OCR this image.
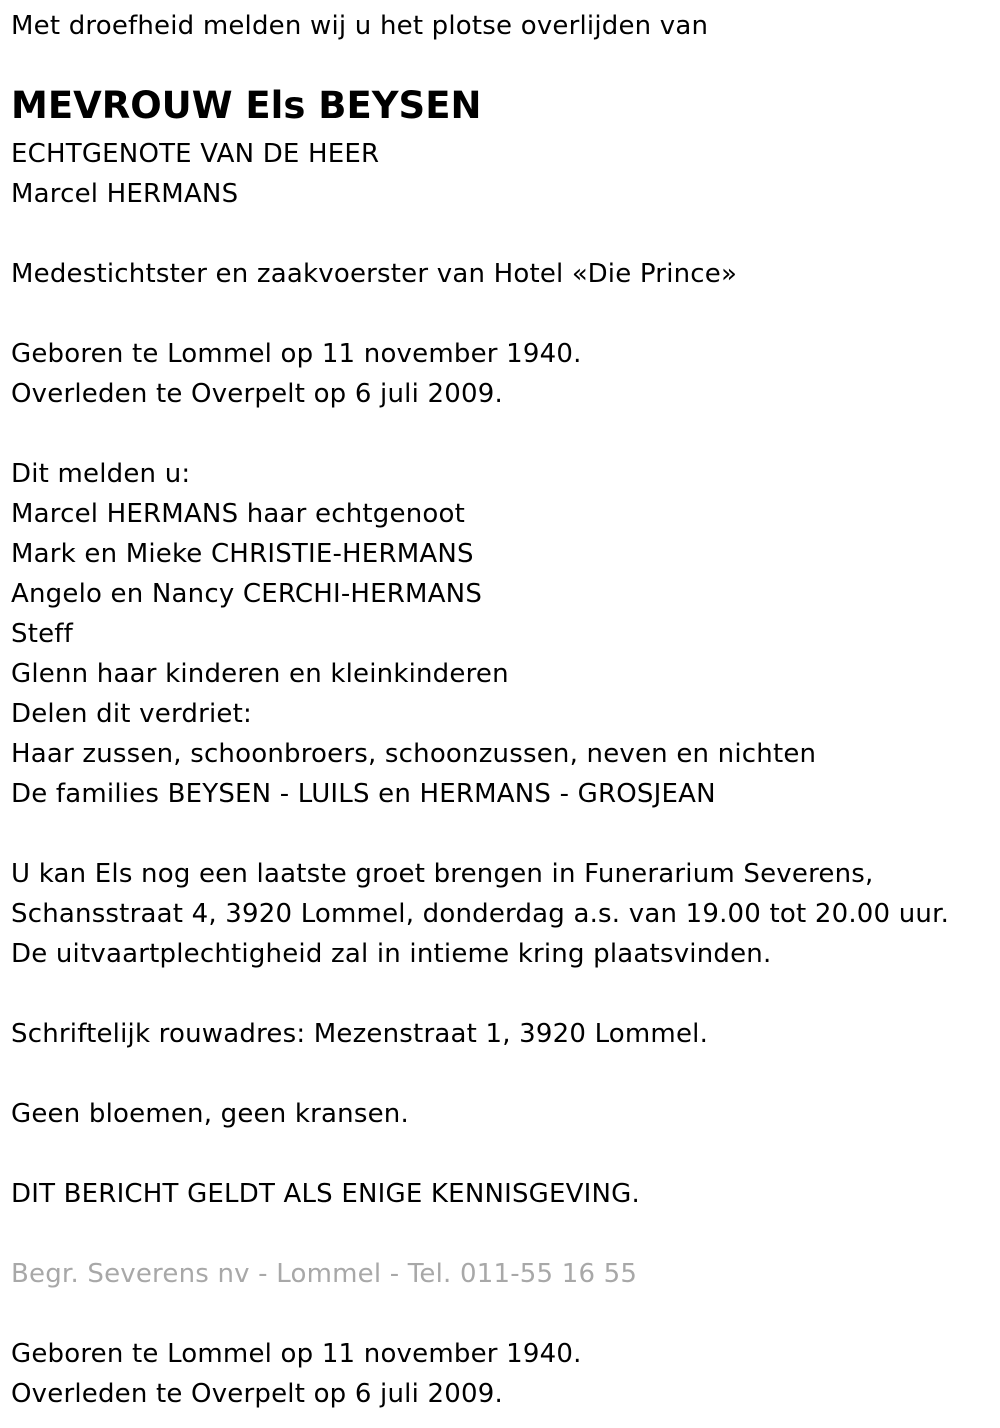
Met droefheid melden wij u het plotse overlijden van
MEVROUW Els BEYSEN
ECHTGENOTE VAN DE HEER
Marcel HERMANS
Medestichtster en zaakvoerster van Hotel «Die Prince»
Geboren te Lommel op 11 november 1940.
Overleden te Overpelt op 6 juli 2009.
Dit melden u:
Marcel HERMANS haar echtgenoot
Mark en Mieke CHRISTIE-HERMANS
Angelo en Nancy CERCHI-HERMANS
Steff
Glenn haar kinderen en kleinkinderen
Delen dit verdriet:
Haar zussen, schoonbroers, schoonzussen, neven en nichten
De families BEYSEN - LUILS en HERMANS - GROSJEAN
U kan Els nog een laatste groet brengen in Funerarium Severens,
Schansstraat 4, 3920 Lommel, donderdag a.s. van 19.00 tot 20.00 uur.
De uitvaartplechtigheid zal in intieme kring plaatsvinden.
Schriftelijk rouwadres: Mezenstraat 1, 3920 Lommel.
Geen bloemen, geen kransen.
DIT BERICHT GELDT ALS ENIGE KENNISGEVING.
Begr. Severens nv - Lommel - Tel. 011-55 16 55
Geboren te Lommel op 11 november 1940.
Overleden te Overpelt op 6 juli 2009.
